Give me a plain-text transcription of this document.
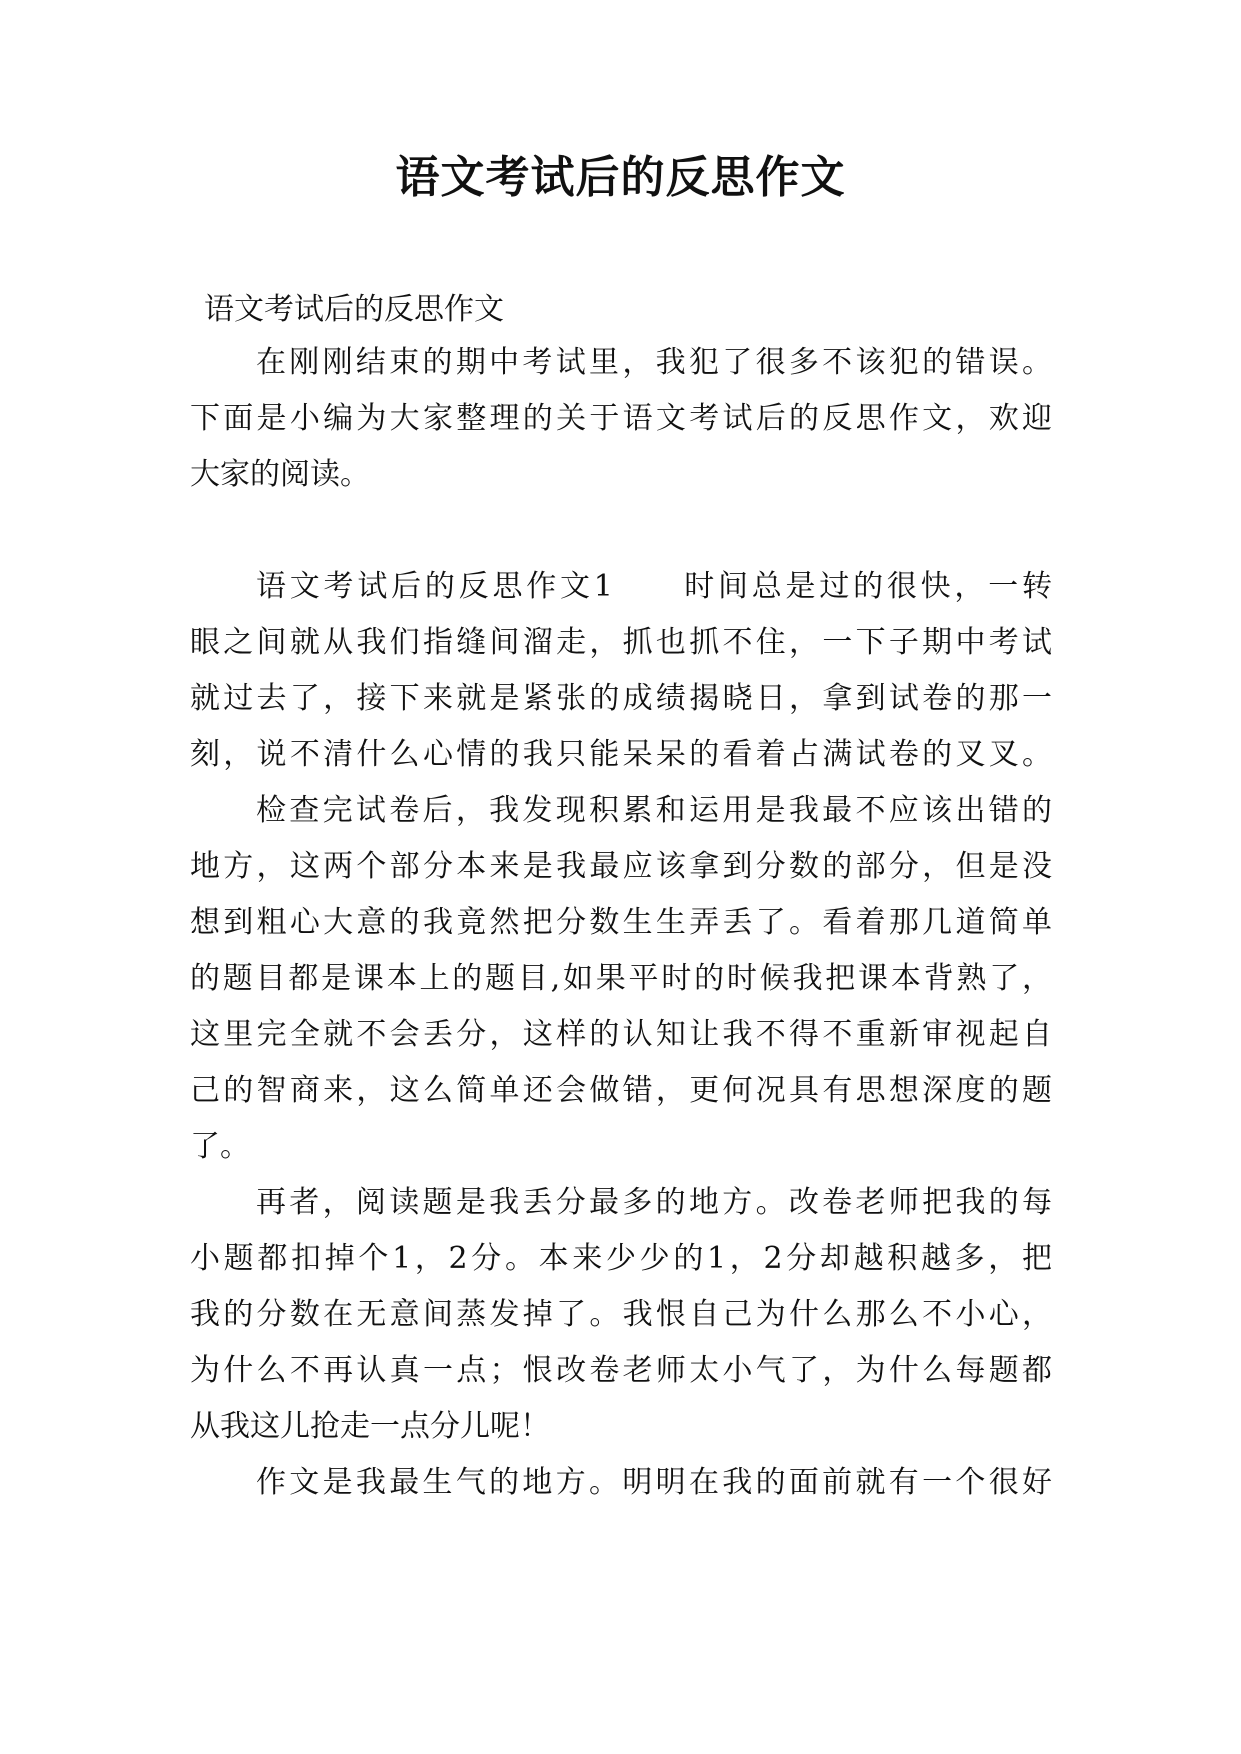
语文考试后的反思作文

语文考试后的反思作文

在刚刚结束的期中考试里，我犯了很多不该犯的错误。

下面是小编为大家整理的关于语文考试后的反思作文，欢迎

大家的阅读。

语文考试后的反思作文1　　时间总是过的很快，一转

眼之间就从我们指缝间溜走，抓也抓不住，一下子期中考试

就过去了，接下来就是紧张的成绩揭晓日，拿到试卷的那一

刻，说不清什么心情的我只能呆呆的看着占满试卷的叉叉。

检查完试卷后，我发现积累和运用是我最不应该出错的

地方，这两个部分本来是我最应该拿到分数的部分，但是没

想到粗心大意的我竟然把分数生生弄丢了。看着那几道简单

的题目都是课本上的题目,如果平时的时候我把课本背熟了，

这里完全就不会丢分，这样的认知让我不得不重新审视起自

己的智商来，这么简单还会做错，更何况具有思想深度的题

了。

再者，阅读题是我丢分最多的地方。改卷老师把我的每

小题都扣掉个1，2分。本来少少的1，2分却越积越多，把

我的分数在无意间蒸发掉了。我恨自己为什么那么不小心，

为什么不再认真一点；恨改卷老师太小气了，为什么每题都

从我这儿抢走一点分儿呢！

作文是我最生气的地方。明明在我的面前就有一个很好
